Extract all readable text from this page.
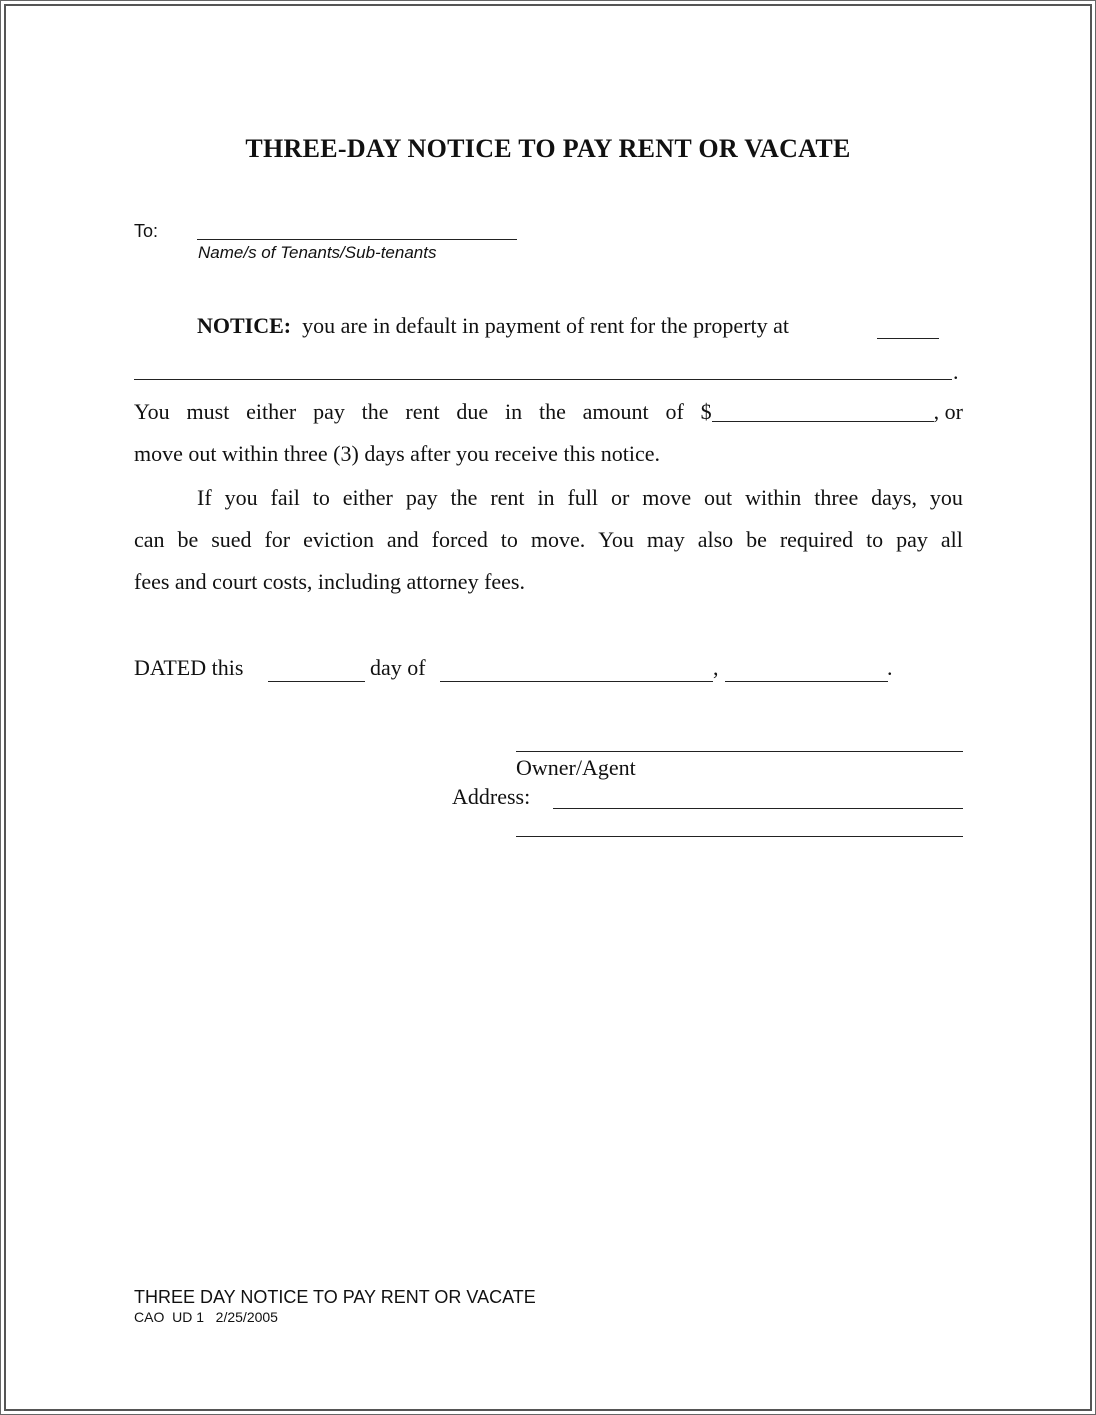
THREE-DAY NOTICE TO PAY RENT OR VACATE
To:
Name/s of Tenants/Sub-tenants
NOTICE: you are in default in payment of rent for the property at
.
You must either pay the rent due in the amount of $	, or
move out within three (3) days after you receive this notice.
If you fail to either pay the rent in full or move out within three days, you
can be sued for eviction and forced to move. You may also be required to pay all
fees and court costs, including attorney fees.
DATED this	day of	,	.
Owner/Agent
Address:
THREE DAY NOTICE TO PAY RENT OR VACATE
CAO  UD 1   2/25/2005
